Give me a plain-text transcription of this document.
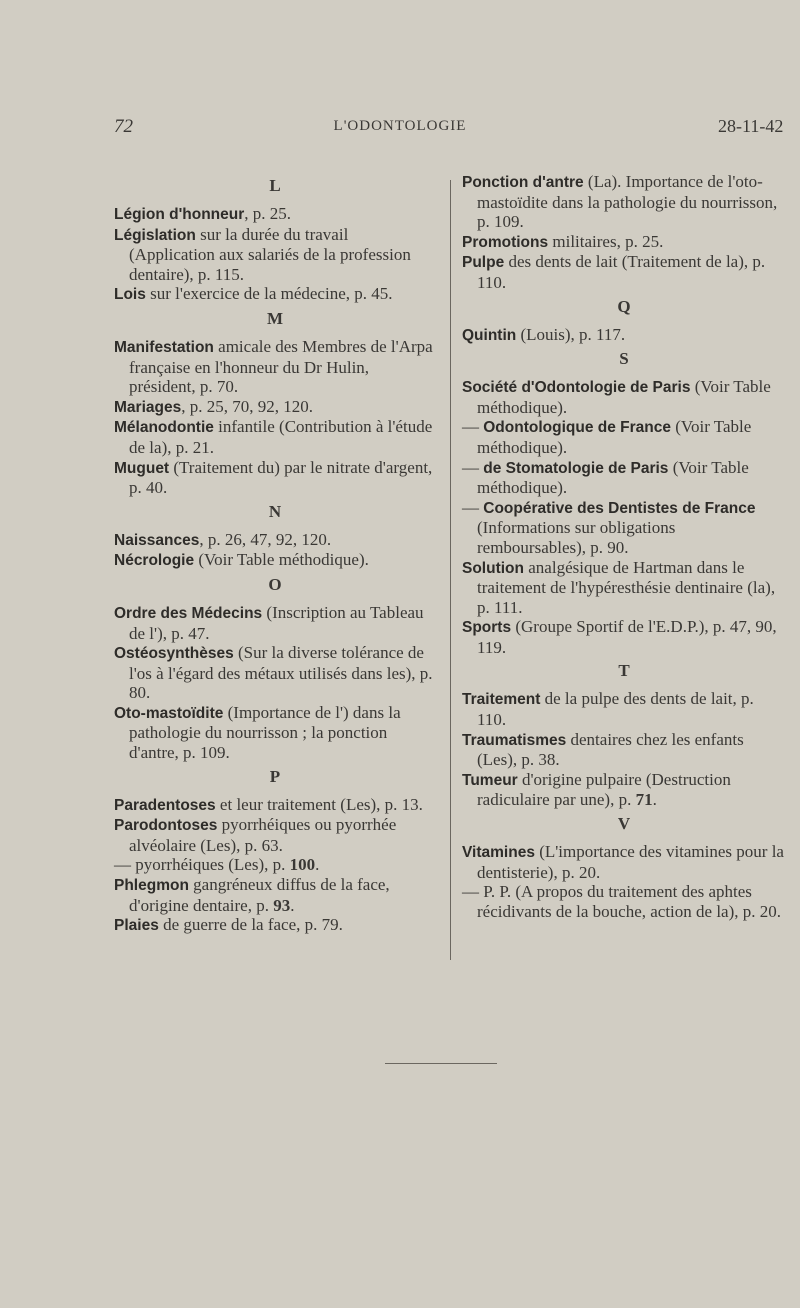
72	L'ODONTOLOGIE	28-11-42
L

Légion d'honneur, p. 25.

Législation sur la durée du travail (Application aux salariés de la profession dentaire), p. 115.

Lois sur l'exercice de la médecine, p. 45.

M

Manifestation amicale des Membres de l'Arpa française en l'honneur du Dr Hulin, président, p. 70.

Mariages, p. 25, 70, 92, 120.

Mélanodontie infantile (Contribution à l'étude de la), p. 21.

Muguet (Traitement du) par le nitrate d'argent, p. 40.

N

Naissances, p. 26, 47, 92, 120.

Nécrologie (Voir Table méthodique).

O

Ordre des Médecins (Inscription au Tableau de l'), p. 47.

Ostéosynthèses (Sur la diverse tolérance de l'os à l'égard des métaux utilisés dans les), p. 80.

Oto-mastoïdite (Importance de l') dans la pathologie du nourrisson ; la ponction d'antre, p. 109.

P

Paradentoses et leur traitement (Les), p. 13.

Parodontoses pyorrhéiques ou pyorrhée alvéolaire (Les), p. 63.

— pyorrhéiques (Les), p. 100.

Phlegmon gangréneux diffus de la face, d'origine dentaire, p. 93.

Plaies de guerre de la face, p. 79.

Ponction d'antre (La). Importance de l'oto-mastoïdite dans la pathologie du nourrisson, p. 109.

Promotions militaires, p. 25.

Pulpe des dents de lait (Traitement de la), p. 110.

Q

Quintin (Louis), p. 117.

S

Société d'Odontologie de Paris (Voir Table méthodique).

— Odontologique de France (Voir Table méthodique).

— de Stomatologie de Paris (Voir Table méthodique).

— Coopérative des Dentistes de France (Informations sur obligations remboursables), p. 90.

Solution analgésique de Hartman dans le traitement de l'hypéresthésie dentinaire (la), p. 111.

Sports (Groupe Sportif de l'E.D.P.), p. 47, 90, 119.

T

Traitement de la pulpe des dents de lait, p. 110.

Traumatismes dentaires chez les enfants (Les), p. 38.

Tumeur d'origine pulpaire (Destruction radiculaire par une), p. 71.

V

Vitamines (L'importance des vitamines pour la dentisterie), p. 20.

— P. P. (A propos du traitement des aphtes récidivants de la bouche, action de la), p. 20.
